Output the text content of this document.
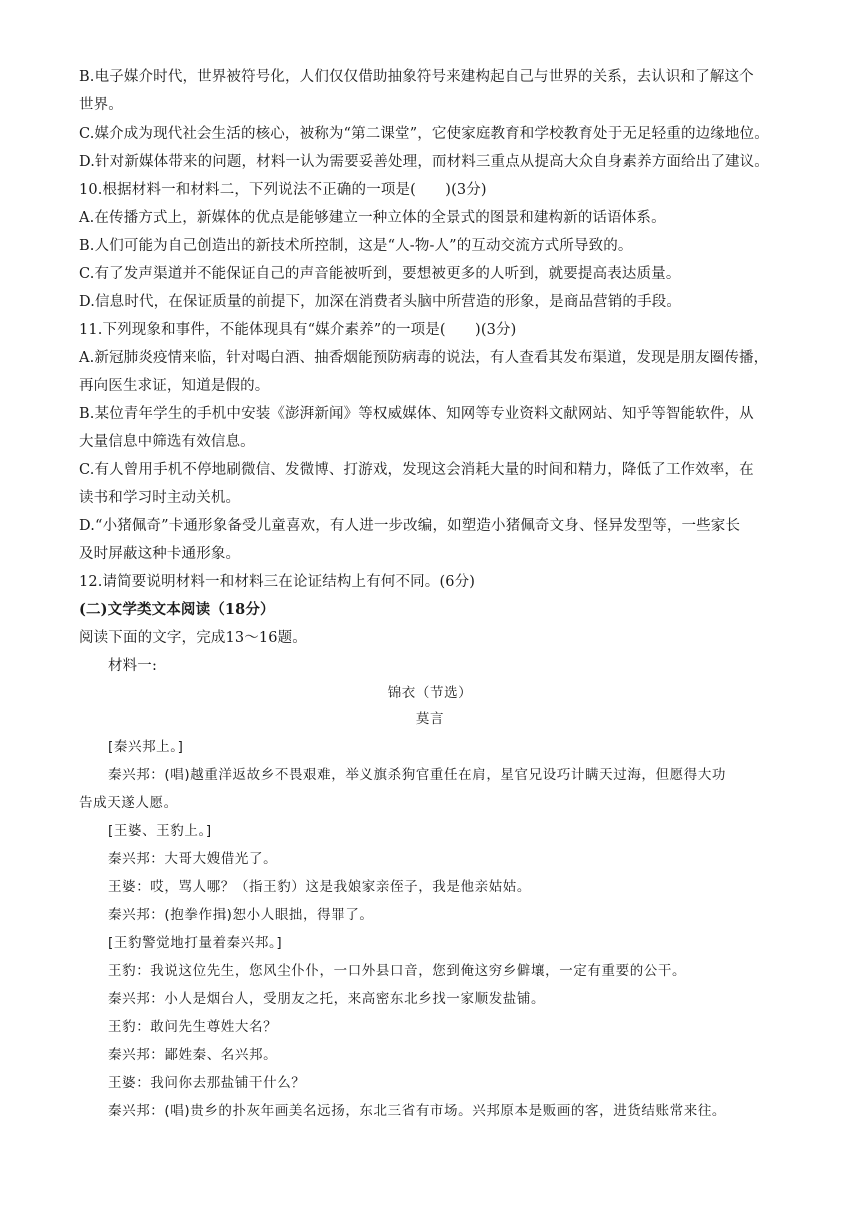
B.电子媒介时代，世界被符号化，人们仅仅借助抽象符号来建构起自己与世界的关系，去认识和了解这个
世界。
C.媒介成为现代社会生活的核心，被称为“第二课堂”，它使家庭教育和学校教育处于无足轻重的边缘地位。
D.针对新媒体带来的问题，材料一认为需要妥善处理，而材料三重点从提高大众自身素养方面给出了建议。
10.根据材料一和材料二，下列说法不正确的一项是(　　)(3分)
A.在传播方式上，新媒体的优点是能够建立一种立体的全景式的图景和建构新的话语体系。
B.人们可能为自己创造出的新技术所控制，这是“人-物-人”的互动交流方式所导致的。
C.有了发声渠道并不能保证自己的声音能被听到，要想被更多的人听到，就要提高表达质量。
D.信息时代，在保证质量的前提下，加深在消费者头脑中所营造的形象，是商品营销的手段。
11.下列现象和事件，不能体现具有“媒介素养”的一项是(　　)(3分)
A.新冠肺炎疫情来临，针对喝白酒、抽香烟能预防病毒的说法，有人查看其发布渠道，发现是朋友圈传播，
再向医生求证，知道是假的。
B.某位青年学生的手机中安装《澎湃新闻》等权威媒体、知网等专业资料文献网站、知乎等智能软件，从
大量信息中筛选有效信息。
C.有人曾用手机不停地刷微信、发微博、打游戏，发现这会消耗大量的时间和精力，降低了工作效率，在
读书和学习时主动关机。
D.“小猪佩奇”卡通形象备受儿童喜欢，有人进一步改编，如塑造小猪佩奇文身、怪异发型等，一些家长
及时屏蔽这种卡通形象。
12.请简要说明材料一和材料三在论证结构上有何不同。(6分)
(二)文学类文本阅读（18分）
阅读下面的文字，完成13～16题。
材料一:
锦衣（节选）
莫言
[秦兴邦上。]
秦兴邦：(唱)越重洋返故乡不畏艰难，举义旗杀狗官重任在肩，星官兄设巧计瞒天过海，但愿得大功
告成天遂人愿。
[王婆、王豹上。]
秦兴邦：大哥大嫂借光了。
王婆：哎，骂人哪？（指王豹）这是我娘家亲侄子，我是他亲姑姑。
秦兴邦：(抱拳作揖)恕小人眼拙，得罪了。
[王豹警觉地打量着秦兴邦。]
王豹：我说这位先生，您风尘仆仆，一口外县口音，您到俺这穷乡僻壤，一定有重要的公干。
秦兴邦：小人是烟台人，受朋友之托，来高密东北乡找一家顺发盐铺。
王豹：敢问先生尊姓大名？
秦兴邦：鄙姓秦、名兴邦。
王婆：我问你去那盐铺干什么？
秦兴邦：(唱)贵乡的扑灰年画美名远扬，东北三省有市场。兴邦原本是贩画的客，进货结账常来往。
